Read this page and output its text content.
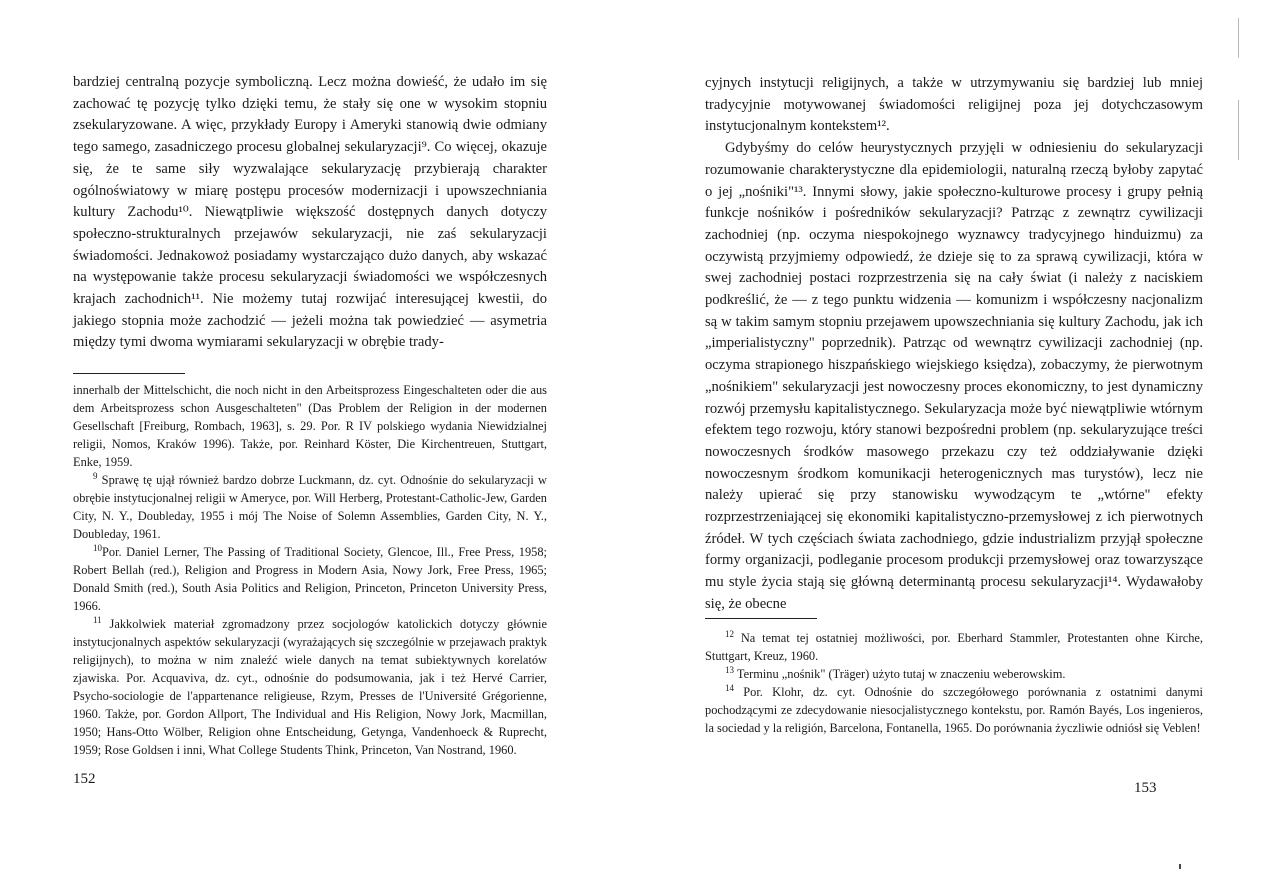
bardziej centralną pozycje symboliczną. Lecz można dowieść, że udało im się zachować tę pozycję tylko dzięki temu, że stały się one w wysokim stopniu zsekularyzowane. A więc, przykłady Europy i Ameryki stanowią dwie odmiany tego samego, zasadniczego procesu globalnej sekularyzacji⁹. Co więcej, okazuje się, że te same siły wyzwalające sekularyzację przybierają charakter ogólnoświatowy w miarę postępu procesów modernizacji i upowszechniania kultury Zachodu¹⁰. Niewątpliwie większość dostępnych danych dotyczy społeczno-strukturalnych przejawów sekularyzacji, nie zaś sekularyzacji świadomości. Jednakowoż posiadamy wystarczająco dużo danych, aby wskazać na występowanie także procesu sekularyzacji świadomości we współczesnych krajach zachodnich¹¹. Nie możemy tutaj rozwijać interesującej kwestii, do jakiego stopnia może zachodzić — jeżeli można tak powiedzieć — asymetria między tymi dwoma wymiarami sekularyzacji w obrębie trady-

innerhalb der Mittelschicht, die noch nicht in den Arbeitsprozess Eingeschalteten oder die aus dem Arbeitsprozess schon Ausgeschalteten" (Das Problem der Religion in der modernen Gesellschaft [Freiburg, Rombach, 1963], s. 29. Por. R IV polskiego wydania Niewidzialnej religii, Nomos, Kraków 1996). Także, por. Reinhard Köster, Die Kirchentreuen, Stuttgart, Enke, 1959.

$^9$ Sprawę tę ujął również bardzo dobrze Luckmann, dz. cyt. Odnośnie do sekularyzacji w obrębie instytucjonalnej religii w Ameryce, por. Will Herberg, Protestant-Catholic-Jew, Garden City, N. Y., Doubleday, 1955 i mój The Noise of Solemn Assemblies, Garden City, N. Y., Doubleday, 1961.

$^{10}$Por. Daniel Lerner, The Passing of Traditional Society, Glencoe, Ill., Free Press, 1958; Robert Bellah (red.), Religion and Progress in Modern Asia, Nowy Jork, Free Press, 1965; Donald Smith (red.), South Asia Politics and Religion, Princeton, Princeton University Press, 1966.

$^{11}$ Jakkolwiek materiał zgromadzony przez socjologów katolickich dotyczy głównie instytucjonalnych aspektów sekularyzacji (wyrażających się szczególnie w przejawach praktyk religijnych), to można w nim znaleźć wiele danych na temat subiektywnych korelatów zjawiska. Por. Acquaviva, dz. cyt., odnośnie do podsumowania, jak i też Hervé Carrier, Psycho-sociologie de l'appartenance religieuse, Rzym, Presses de l'Université Grégorienne, 1960. Także, por. Gordon Allport, The Individual and His Religion, Nowy Jork, Macmillan, 1950; Hans-Otto Wölber, Religion ohne Entscheidung, Getynga, Vandenhoeck & Ruprecht, 1959; Rose Goldsen i inni, What College Students Think, Princeton, Van Nostrand, 1960.

152

cyjnych instytucji religijnych, a także w utrzymywaniu się bardziej lub mniej tradycyjnie motywowanej świadomości religijnej poza jej dotychczasowym instytucjonalnym kontekstem¹².

Gdybyśmy do celów heurystycznych przyjęli w odniesieniu do sekularyzacji rozumowanie charakterystyczne dla epidemiologii, naturalną rzeczą byłoby zapytać o jej „nośniki"¹³. Innymi słowy, jakie społeczno-kulturowe procesy i grupy pełnią funkcje nośników i pośredników sekularyzacji? Patrząc z zewnątrz cywilizacji zachodniej (np. oczyma niespokojnego wyznawcy tradycyjnego hinduizmu) za oczywistą przyjmiemy odpowiedź, że dzieje się to za sprawą cywilizacji, która w swej zachodniej postaci rozprzestrzenia się na cały świat (i należy z naciskiem podkreślić, że — z tego punktu widzenia — komunizm i współczesny nacjonalizm są w takim samym stopniu przejawem upowszechniania się kultury Zachodu, jak ich „imperialistyczny" poprzednik). Patrząc od wewnątrz cywilizacji zachodniej (np. oczyma strapionego hiszpańskiego wiejskiego księdza), zobaczymy, że pierwotnym „nośnikiem" sekularyzacji jest nowoczesny proces ekonomiczny, to jest dynamiczny rozwój przemysłu kapitalistycznego. Sekularyzacja może być niewątpliwie wtórnym efektem tego rozwoju, który stanowi bezpośredni problem (np. sekularyzujące treści nowoczesnych środków masowego przekazu czy też oddziaływanie dzięki nowoczesnym środkom komunikacji heterogenicznych mas turystów), lecz nie należy upierać się przy stanowisku wywodzącym te „wtórne" efekty rozprzestrzeniającej się ekonomiki kapitalistyczno-przemysłowej z ich pierwotnych źródeł. W tych częściach świata zachodniego, gdzie industrializm przyjął społeczne formy organizacji, podleganie procesom produkcji przemysłowej oraz towarzyszące mu style życia stają się główną determinantą procesu sekularyzacji¹⁴. Wydawałoby się, że obecne

$^{12}$ Na temat tej ostatniej możliwości, por. Eberhard Stammler, Protestanten ohne Kirche, Stuttgart, Kreuz, 1960.

$^{13}$ Terminu „nośnik" (Träger) użyto tutaj w znaczeniu weberowskim.

$^{14}$ Por. Klohr, dz. cyt. Odnośnie do szczegółowego porównania z ostatnimi danymi pochodzącymi ze zdecydowanie niesocjalistycznego kontekstu, por. Ramón Bayés, Los ingenieros, la sociedad y la religión, Barcelona, Fontanella, 1965. Do porównania życzliwie odniósł się Veblen!

153
